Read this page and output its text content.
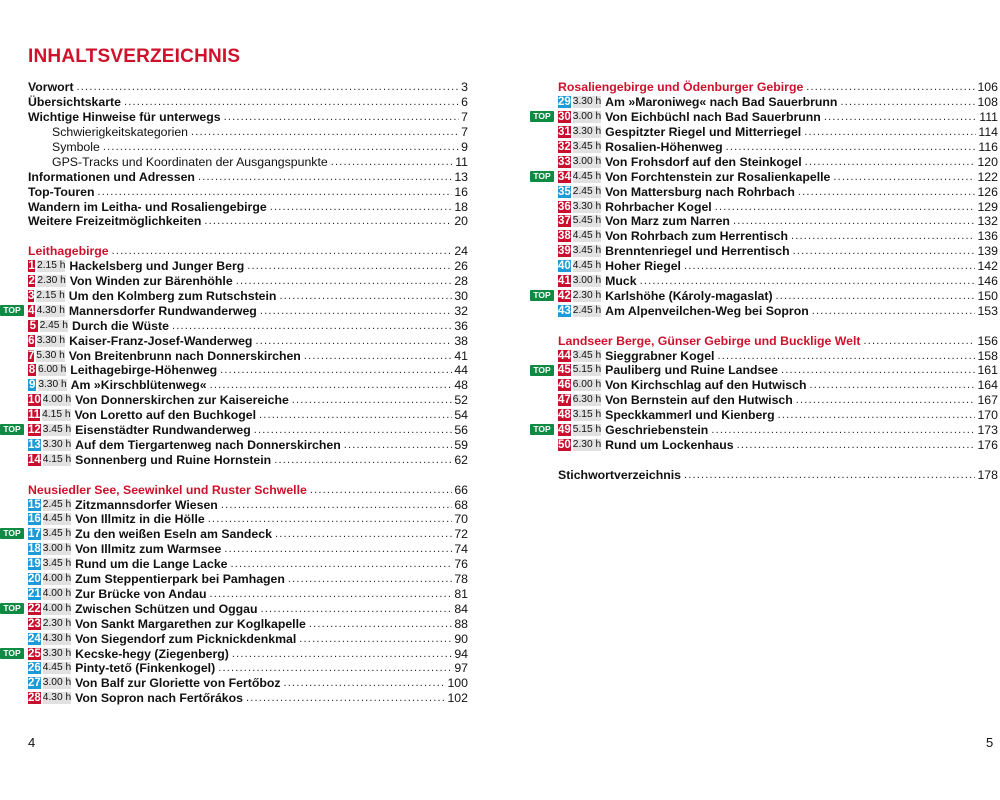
INHALTSVERZEICHNIS
Vorwort .....	3
Übersichtskarte .....	6
Wichtige Hinweise für unterwegs .....	7
Schwierigkeitskategorien .....	7
Symbole .....	9
GPS-Tracks und Koordinaten der Ausgangspunkte .....	11
Informationen und Adressen .....	13
Top-Touren .....	16
Wandern im Leitha- und Rosaliengebirge .....	18
Weitere Freizeitmöglichkeiten .....	20
Leithagebirge .....	24
1 2.15 h Hackelsberg und Junger Berg .....	26
2 2.30 h Von Winden zur Bärenhöhle .....	28
3 2.15 h Um den Kolmberg zum Rutschstein .....	30
TOP 4 4.30 h Mannersdorfer Rundwanderweg .....	32
5 2.45 h Durch die Wüste .....	36
6 3.30 h Kaiser-Franz-Josef-Wanderweg .....	38
7 5.30 h Von Breitenbrunn nach Donnerskirchen .....	41
8 6.00 h Leithagebirge-Höhenweg .....	44
9 3.30 h Am »Kirschblütenweg« .....	48
10 4.00 h Von Donnerskirchen zur Kaisereiche .....	52
11 4.15 h Von Loretto auf den Buchkogel .....	54
TOP 12 3.45 h Eisenstädter Rundwanderweg .....	56
13 3.30 h Auf dem Tiergartenweg nach Donnerskirchen .....	59
14 4.15 h Sonnenberg und Ruine Hornstein .....	62
Neusiedler See, Seewinkel und Ruster Schwelle .....	66
15 2.45 h Zitzmannsdorfer Wiesen .....	68
16 4.45 h Von Illmitz in die Hölle .....	70
TOP 17 3.45 h Zu den weißen Eseln am Sandeck .....	72
18 3.00 h Von Illmitz zum Warmsee .....	74
19 3.45 h Rund um die Lange Lacke .....	76
20 4.00 h Zum Steppentierpark bei Pamhagen .....	78
21 4.00 h Zur Brücke von Andau .....	81
TOP 22 4.00 h Zwischen Schützen und Oggau .....	84
23 2.30 h Von Sankt Margarethen zur Koglkapelle .....	88
24 4.30 h Von Siegendorf zum Picknickdenkmal .....	90
TOP 25 3.30 h Kecske-hegy (Ziegenberg) .....	94
26 4.45 h Pinty-tető (Finkenkogel) .....	97
27 3.00 h Von Balf zur Gloriette von Fertőboz .....	100
28 4.30 h Von Sopron nach Fertőrákos .....	102
Rosaliengebirge und Ödenburger Gebirge .....	106
29 3.30 h Am »Maroniweg« nach Bad Sauerbrunn .....	108
TOP 30 3.00 h Von Eichbüchl nach Bad Sauerbrunn .....	111
31 3.30 h Gespitzter Riegel und Mitterriegel .....	114
32 3.45 h Rosalien-Höhenweg .....	116
33 3.00 h Von Frohsdorf auf den Steinkogel .....	120
TOP 34 4.45 h Von Forchtenstein zur Rosalienkapelle .....	122
35 2.45 h Von Mattersburg nach Rohrbach .....	126
36 3.30 h Rohrbacher Kogel .....	129
37 5.45 h Von Marz zum Narren .....	132
38 4.45 h Von Rohrbach zum Herrentisch .....	136
39 3.45 h Brenntenriegel und Herrentisch .....	139
40 4.45 h Hoher Riegel .....	142
41 3.00 h Muck .....	146
TOP 42 2.30 h Karlshöhe (Károly-magaslat) .....	150
43 2.45 h Am Alpenveilchen-Weg bei Sopron .....	153
Landseer Berge, Günser Gebirge und Bucklige Welt .....	156
44 3.45 h Sieggrabner Kogel .....	158
TOP 45 5.15 h Pauliberg und Ruine Landsee .....	161
46 6.00 h Von Kirchschlag auf den Hutwisch .....	164
47 6.30 h Von Bernstein auf den Hutwisch .....	167
48 3.15 h Speckkammerl und Kienberg .....	170
TOP 49 5.15 h Geschriebenstein .....	173
50 2.30 h Rund um Lockenhaus .....	176
Stichwortverzeichnis .....	178
4	5
